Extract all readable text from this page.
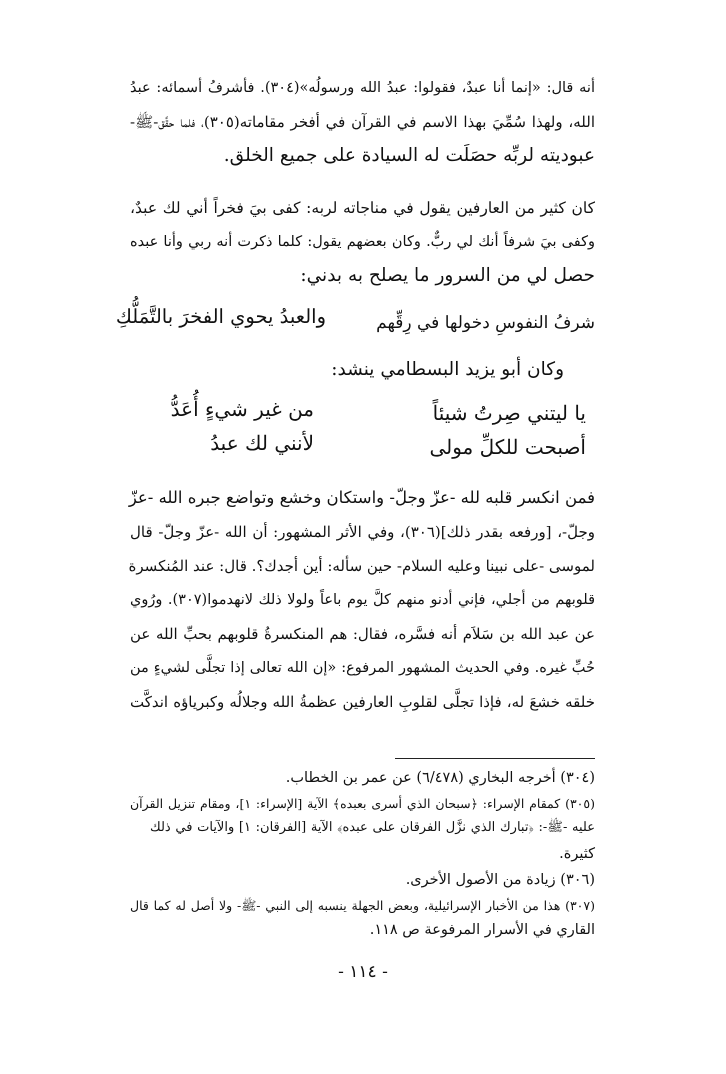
أنه قال: «إنما أنا عبدٌ، فقولوا: عبدُ الله ورسولُه»(٣٠٤). فأشرفُ أسمائه: عبدُ
الله، ولهذا سُمِّيَ بهذا الاسم في القرآن في أفخر مقاماته(٣٠٥)، فلما حقَّق-ﷺ-
عبوديته لربِّه حصَلَت له السيادة على جميع الخلق.
كان كثير من العارفين يقول في مناجاته لربه: كفى بيَ فخراً أني لك عبدٌ،
وكفى بيَ شرفاً أنك لي ربٌّ. وكان بعضهم يقول: كلما ذكرت أنه ربي وأنا عبده
حصل لي من السرور ما يصلح به بدني:
شرفُ النفوسِ دخولها في رِقِّهم
والعبدُ يحوي الفخرَ بالتَّمَلُّكِ
وكان أبو يزيد البسطامي ينشد:
يا ليتني صِرتُ شيئاً
من غير شيءٍ أُعَدُّ
أصبحت للكلِّ مولى
لأنني لك عبدُ
فمن انكسر قلبه لله -عزّ وجلّ- واستكان وخشع وتواضع جبره الله -عزّ
وجلّ-، [ورفعه بقدر ذلك](٣٠٦)، وفي الأثر المشهور: أن الله -عزّ وجلّ- قال
لموسى -على نبينا وعليه السلام- حين سأله: أين أجدك؟. قال: عند المُنكسرة
قلوبهم من أجلي، فإني أدنو منهم كلَّ يوم باعاً ولولا ذلك لانهدموا(٣٠٧). ورُوي
عن عبد الله بن سَلاَم أنه فسَّره، فقال: هم المنكسرةُ قلوبهم بحبِّ الله عن
حُبِّ غيره. وفي الحديث المشهور المرفوع: «إن الله تعالى إذا تجلَّى لشيءٍ من
خلقه خشعَ له، فإذا تجلَّى لقلوبِ العارفين عظمةُ الله وجلالُه وكبرياؤه اندكَّت
(٣٠٤) أخرجه البخاري (٦/٤٧٨) عن عمر بن الخطاب.
(٣٠٥) كمقام الإسراء: ﴿سبحان الذي أسرى بعبده﴾ الآية [الإسراء: ١]، ومقام تنزيل القرآن
عليه -ﷺ-: ﴿تبارك الذي نزَّل الفرقان على عبده﴾ الآية [الفرقان: ١] والآيات في ذلك
كثيرة.
(٣٠٦) زيادة من الأصول الأخرى.
(٣٠٧) هذا من الأخبار الإسرائيلية، وبعض الجهلة ينسبه إلى النبي -ﷺ- ولا أصل له كما قال
القاري في الأسرار المرفوعة ص ١١٨.
- ١١٤ -
